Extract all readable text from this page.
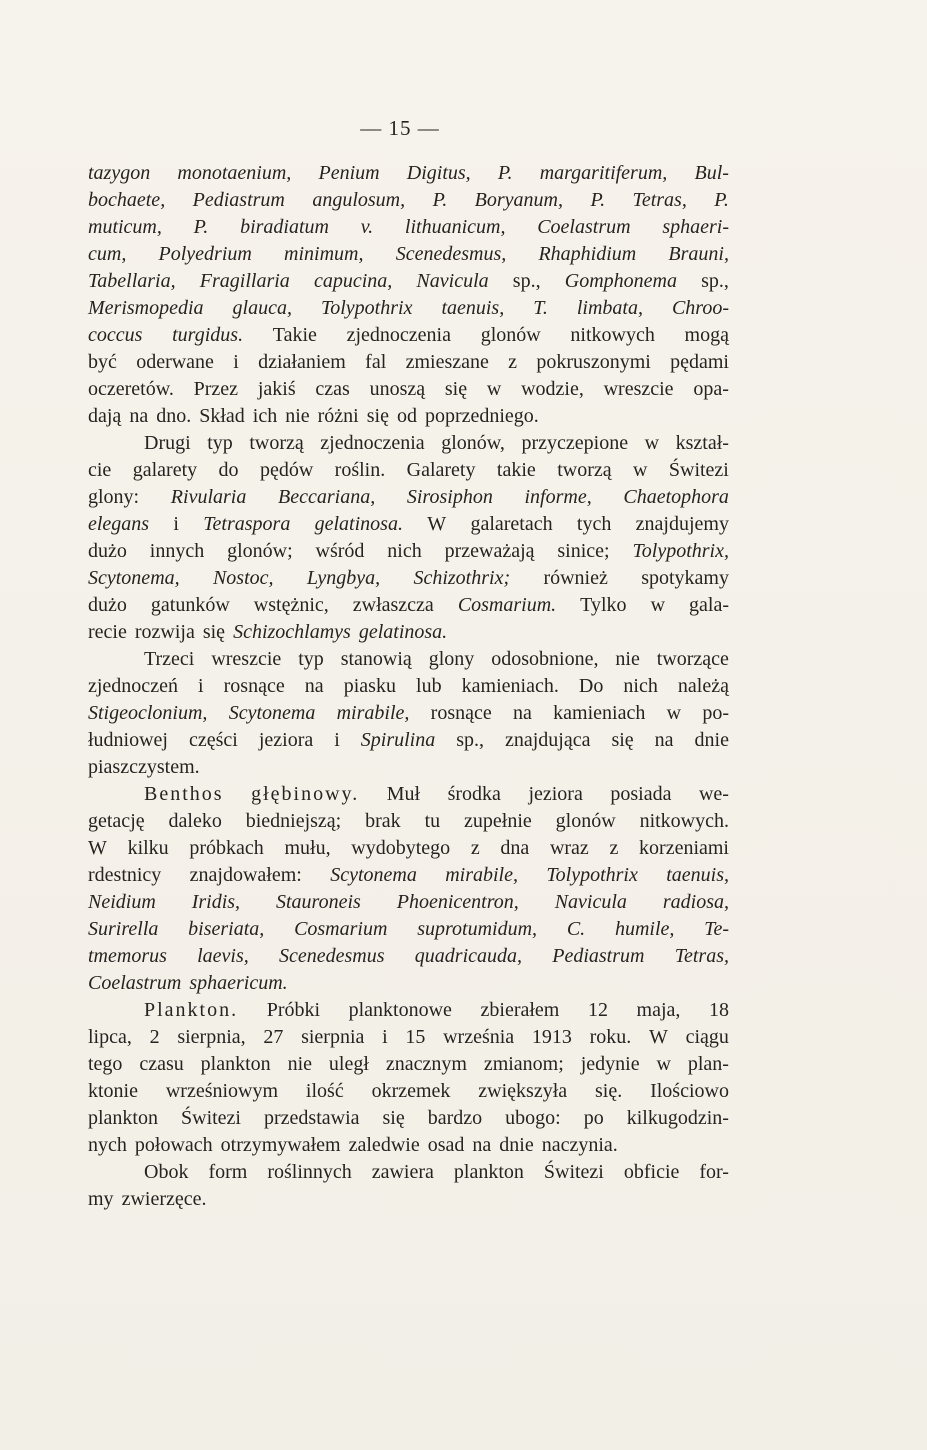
— 15 —
tazygon monotaenium, Penium Digitus, P. margaritiferum, Bul-
bochaete, Pediastrum angulosum, P. Boryanum, P. Tetras, P.
muticum, P. biradiatum v. lithuanicum, Coelastrum sphaeri-
cum, Polyedrium minimum, Scenedesmus, Rhaphidium Brauni,
Tabellaria, Fragillaria capucina, Navicula sp., Gomphonema sp.,
Merismopedia glauca, Tolypothrix taenuis, T. limbata, Chroo-
coccus turgidus. Takie zjednoczenia glonów nitkowych mogą
być oderwane i działaniem fal zmieszane z pokruszonymi pędami
oczeretów. Przez jakiś czas unoszą się w wodzie, wreszcie opa-
dają na dno. Skład ich nie różni się od poprzedniego.
Drugi typ tworzą zjednoczenia glonów, przyczepione w kształ-
cie galarety do pędów roślin. Galarety takie tworzą w Świtezi
glony: Rivularia Beccariana, Sirosiphon informe, Chaetophora
elegans i Tetraspora gelatinosa. W galaretach tych znajdujemy
dużo innych glonów; wśród nich przeważają sinice; Tolypothrix,
Scytonema, Nostoc, Lyngbya, Schizothrix; również spotykamy
dużo gatunków wstężnic, zwłaszcza Cosmarium. Tylko w gala-
recie rozwija się Schizochlamys gelatinosa.
Trzeci wreszcie typ stanowią glony odosobnione, nie tworzące
zjednoczeń i rosnące na piasku lub kamieniach. Do nich należą
Stigeoclonium, Scytonema mirabile, rosnące na kamieniach w po-
łudniowej części jeziora i Spirulina sp., znajdująca się na dnie
piaszczystem.
Benthos głębinowy. Muł środka jeziora posiada we-
getację daleko biedniejszą; brak tu zupełnie glonów nitkowych.
W kilku próbkach mułu, wydobytego z dna wraz z korzeniami
rdestnicy znajdowałem: Scytonema mirabile, Tolypothrix taenuis,
Neidium Iridis, Stauroneis Phoenicentron, Navicula radiosa,
Surirella biseriata, Cosmarium suprotumidum, C. humile, Te-
tmemorus laevis, Scenedesmus quadricauda, Pediastrum Tetras,
Coelastrum sphaericum.
Plankton. Próbki planktonowe zbierałem 12 maja, 18
lipca, 2 sierpnia, 27 sierpnia i 15 września 1913 roku. W ciągu
tego czasu plankton nie uległ znacznym zmianom; jedynie w plan-
ktonie wrześniowym ilość okrzemek zwiększyła się. Ilościowo
plankton Świtezi przedstawia się bardzo ubogo: po kilkugodzin-
nych połowach otrzymywałem zaledwie osad na dnie naczynia.
Obok form roślinnych zawiera plankton Świtezi obficie for-
my zwierzęce.
